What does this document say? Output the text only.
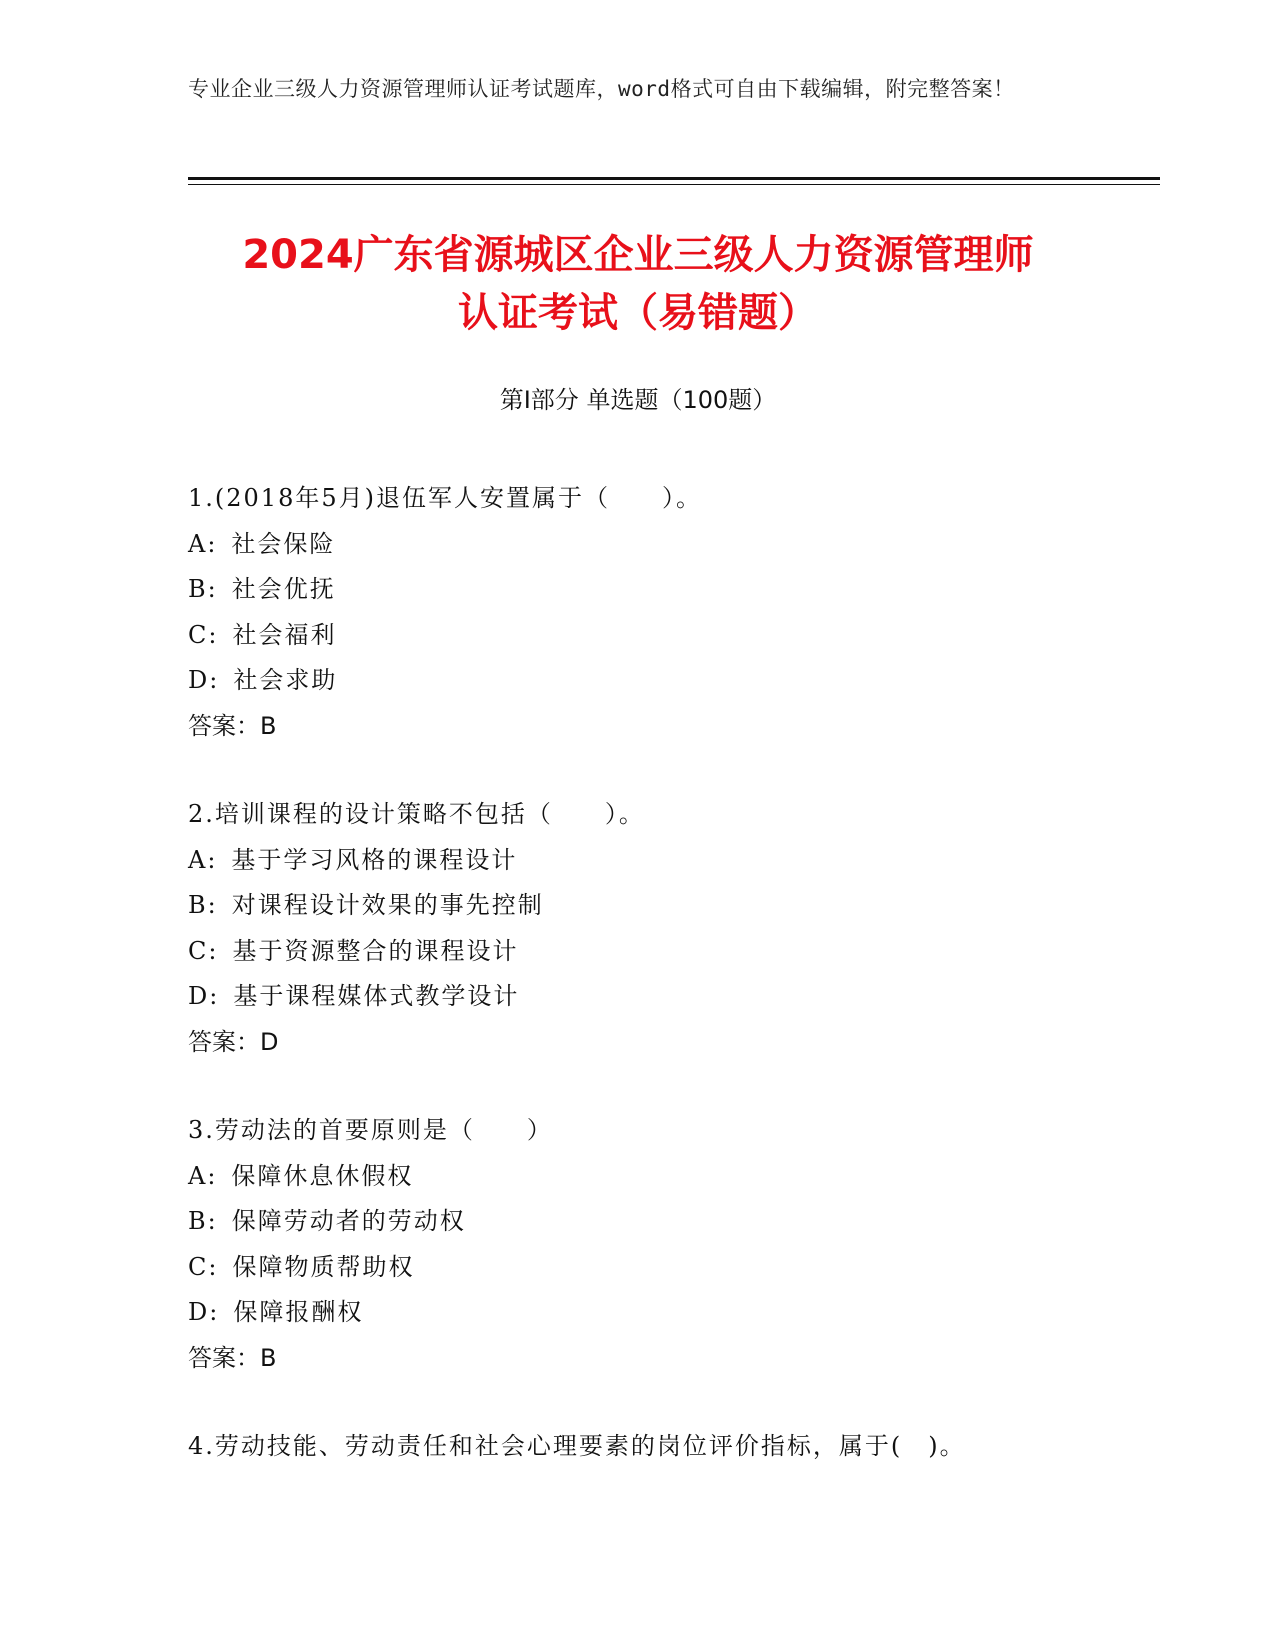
专业企业三级人力资源管理师认证考试题库，word格式可自由下载编辑，附完整答案！
2024广东省源城区企业三级人力资源管理师
认证考试（易错题）
第I部分 单选题（100题）
1.(2018年5月)退伍军人安置属于（　　）。
A: 社会保险
B: 社会优抚
C: 社会福利
D: 社会求助
答案：B
2.培训课程的设计策略不包括（　　）。
A: 基于学习风格的课程设计
B: 对课程设计效果的事先控制
C: 基于资源整合的课程设计
D: 基于课程媒体式教学设计
答案：D
3.劳动法的首要原则是（　　）
A: 保障休息休假权
B: 保障劳动者的劳动权
C: 保障物质帮助权
D: 保障报酬权
答案：B
4.劳动技能、劳动责任和社会心理要素的岗位评价指标，属于(　)。
